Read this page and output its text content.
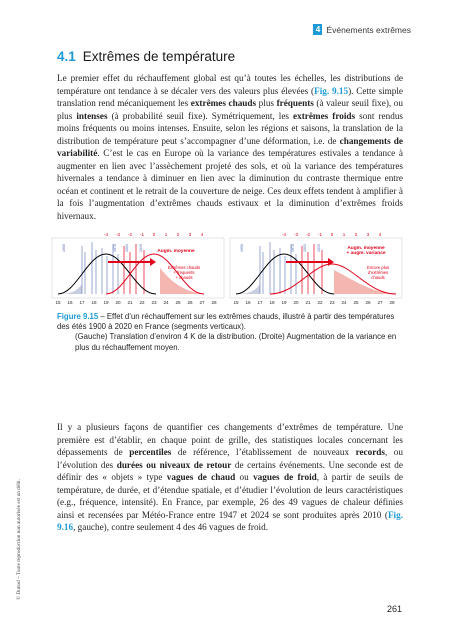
4 Événements extrêmes
4.1 Extrêmes de température
Le premier effet du réchauffement global est qu’à toutes les échelles, les distributions de température ont tendance à se décaler vers des valeurs plus élevées (Fig. 9.15). Cette simple translation rend mécaniquement les extrêmes chauds plus fréquents (à valeur seuil fixe), ou plus intenses (à probabilité seuil fixe). Symétriquement, les extrêmes froids sont rendus moins fréquents ou moins intenses. Ensuite, selon les régions et saisons, la translation de la distribution de température peut s’accompagner d’une déformation, i.e. de changements de variabilité. C’est le cas en Europe où la variance des températures estivales a tendance à augmenter en lien avec l’assèchement projeté des sols, et où la variance des températures hivernales a tendance à diminuer en lien avec la diminution du contraste thermique entre océan et continent et le retrait de la couverture de neige. Ces deux effets tendent à amplifier à la fois l’augmentation d’extrêmes chauds estivaux et la diminution d’extrêmes froids hivernaux.
Augm. moyenne
Extrêmes chauds
+ fréquents
+ chauds
1956	1976 2003	2019
-4 -3 -2 -1 0 1 2 3 4
15 16 17 18 19 20 21 22 23 24 25 26 27 28
Augm. moyenne
+ augm. variance
Encore plus
d’extrêmes
chauds
1956	1976 2003	2019
-4 -3 -2 -1 0 1 2 3 4
15 16 17 18 19 20 21 22 23 24 25 26 27 28
Figure 9.15 – Effet d’un réchauffement sur les extrêmes chauds, illustré à partir des températures des étés 1900 à 2020 en France (segments verticaux).
(Gauche) Translation d’environ 4 K de la distribution. (Droite) Augmentation de la variance en plus du réchauffement moyen.
Il y a plusieurs façons de quantifier ces changements d’extrêmes de température. Une première est d’établir, en chaque point de grille, des statistiques locales concernant les dépassements de percentiles de référence, l’établissement de nouveaux records, ou l’évolution des durées ou niveaux de retour de certains événements. Une seconde est de définir des « objets » type vagues de chaud ou vagues de froid, à partir de seuils de température, de durée, et d’étendue spatiale, et d’étudier l’évolution de leurs caractéristiques (e.g., fréquence, intensité). En France, par exemple, 26 des 49 vagues de chaleur définies ainsi et recensées par Météo-France entre 1947 et 2024 se sont produites après 2010 (Fig. 9.16, gauche), contre seulement 4 des 46 vagues de froid.
© Dunod – Toute reproduction non autorisée est un délit.
261
